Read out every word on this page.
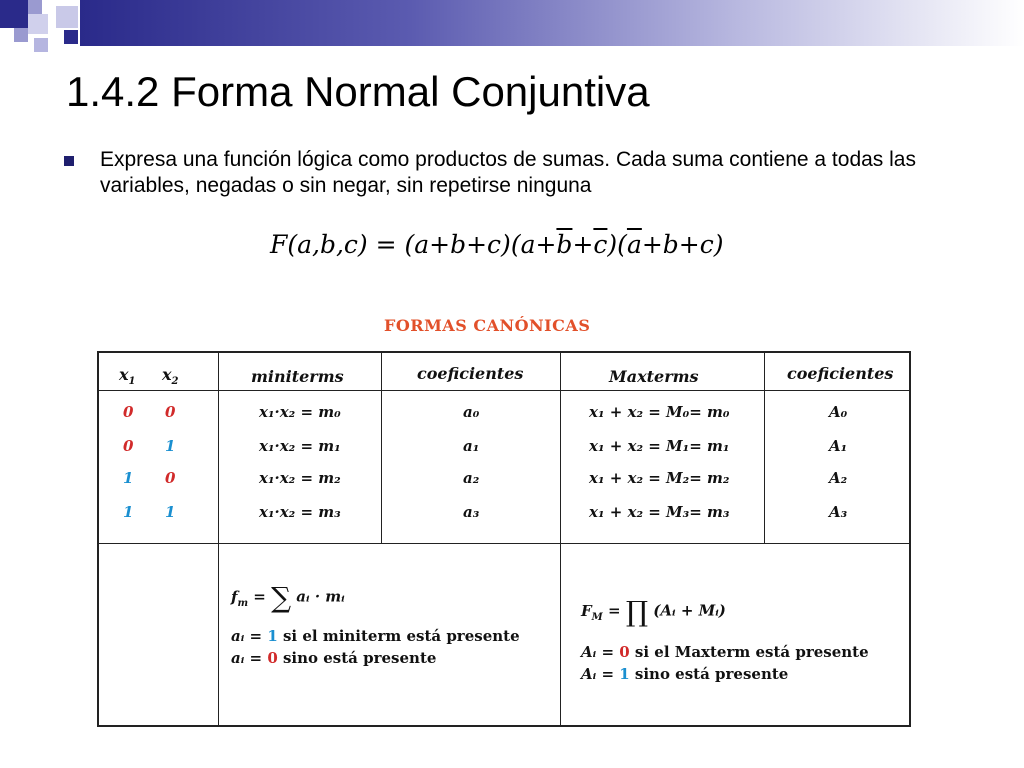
1.4.2 Forma Normal Conjuntiva
Expresa una función lógica como productos de sumas. Cada suma contiene a todas las variables, negadas o sin negar, sin repetirse ninguna
$F(a,b,c) = (a+b+c)(a+\overline{b}+\overline{c})(\overline{a}+b+c)$
FORMAS CANÓNICAS
$x_1$ $x_2$	miniterms	coeficientes	Maxterms	coeficientes
0 0	x₁·x₂ = m₀	a₀	x₁ + x₂ = M₀= m₀	A₀
0 1	x₁·x₂ = m₁	a₁	x₁ + x₂ = M₁= m₁	A₁
1 0	x₁·x₂ = m₂	a₂	x₁ + x₂ = M₂= m₂	A₂
1 1	x₁·x₂ = m₃	a₃	x₁ + x₂ = M₃= m₃	A₃
$f_m$ = ∑ aᵢ · mᵢ
aᵢ = 1 si el miniterm está presente
aᵢ = 0 sino está presente
$F_M$ = ∏ (Aᵢ + Mᵢ)
Aᵢ = 0 si el Maxterm está presente
Aᵢ = 1 sino está presente
